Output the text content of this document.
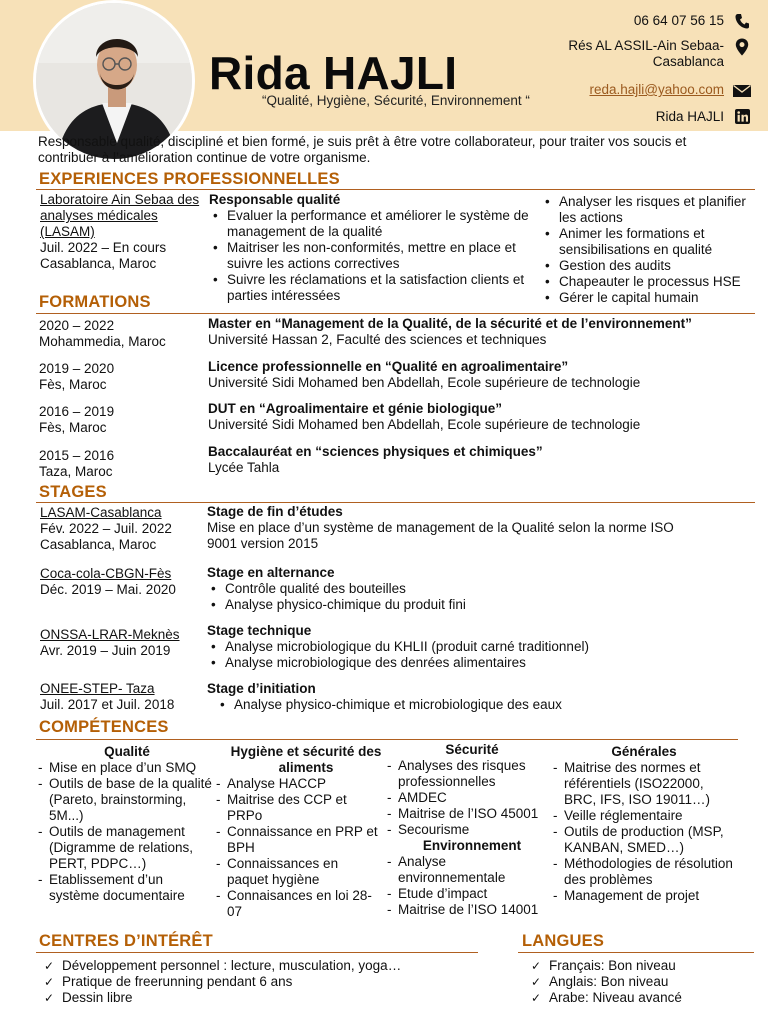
Rida HAJLI
“Qualité, Hygiène, Sécurité, Environnement “
06 64 07 56 15
Rés AL ASSIL-Ain Sebaa-
Casablanca
reda.hajli@yahoo.com
Rida HAJLI
Responsable qualité, discipliné et bien formé, je suis prêt à être votre collaborateur, pour traiter vos soucis et contribuer à l’amélioration continue de votre organisme.
EXPERIENCES PROFESSIONNELLES
Laboratoire Ain Sebaa des analyses médicales (LASAM)
Juil. 2022 – En cours
Casablanca, Maroc
Responsable qualité
• Evaluer la performance et améliorer le système de management de la qualité
• Maitriser les non-conformités, mettre en place et suivre les actions correctives
• Suivre les réclamations et la satisfaction clients et parties intéressées
• Analyser les risques et planifier les actions
• Animer les formations et sensibilisations en qualité
• Gestion des audits
• Chapeauter le processus HSE
• Gérer le capital humain
FORMATIONS
2020 – 2022
Mohammedia, Maroc
Master en “Management de la Qualité, de la sécurité et de l’environnement”
Université Hassan 2, Faculté des sciences et techniques
2019 – 2020
Fès, Maroc
Licence professionnelle en “Qualité en agroalimentaire”
Université Sidi Mohamed ben Abdellah, Ecole supérieure de technologie
2016 – 2019
Fès, Maroc
DUT en “Agroalimentaire et génie biologique”
Université Sidi Mohamed ben Abdellah, Ecole supérieure de technologie
2015 – 2016
Taza, Maroc
Baccalauréat en “sciences physiques et chimiques”
Lycée Tahla
STAGES
LASAM-Casablanca
Fév. 2022 – Juil. 2022
Casablanca, Maroc
Stage de fin d’études
Mise en place d’un système de management de la Qualité selon la norme ISO 9001 version 2015
Coca-cola-CBGN-Fès
Déc. 2019 – Mai. 2020
Stage en alternance
• Contrôle qualité des bouteilles
• Analyse physico-chimique du produit fini
ONSSA-LRAR-Meknès
Avr. 2019 – Juin 2019
Stage technique
• Analyse microbiologique du KHLII (produit carné traditionnel)
• Analyse microbiologique des denrées alimentaires
ONEE-STEP- Taza
Juil. 2017 et Juil. 2018
Stage d’initiation
• Analyse physico-chimique et microbiologique des eaux
COMPÉTENCES
Qualité
- Mise en place d’un SMQ
- Outils de base de la qualité (Pareto, brainstorming, 5M...)
- Outils de management (Digramme de relations, PERT, PDPC…)
- Etablissement d’un système documentaire
Hygiène et sécurité des aliments
- Analyse HACCP
- Maitrise des CCP et PRPo
- Connaissance en PRP et BPH
- Connaissances en paquet hygiène
- Connaisances en loi 28-07
Sécurité
- Analyses des risques professionnelles
- AMDEC
- Maitrise de l’ISO 45001
- Secourisme
Environnement
- Analyse environnementale
- Etude d’impact
- Maitrise de l’ISO 14001
Générales
- Maitrise des normes et référentiels (ISO22000, BRC, IFS, ISO 19011…)
- Veille réglementaire
- Outils de production (MSP, KANBAN, SMED…)
- Méthodologies de résolution des problèmes
- Management de projet
CENTRES D’INTÉRÊT
✓ Développement personnel : lecture, musculation, yoga…
✓ Pratique de freerunning pendant 6 ans
✓ Dessin libre
LANGUES
✓ Français: Bon niveau
✓ Anglais: Bon niveau
✓ Arabe: Niveau avancé
